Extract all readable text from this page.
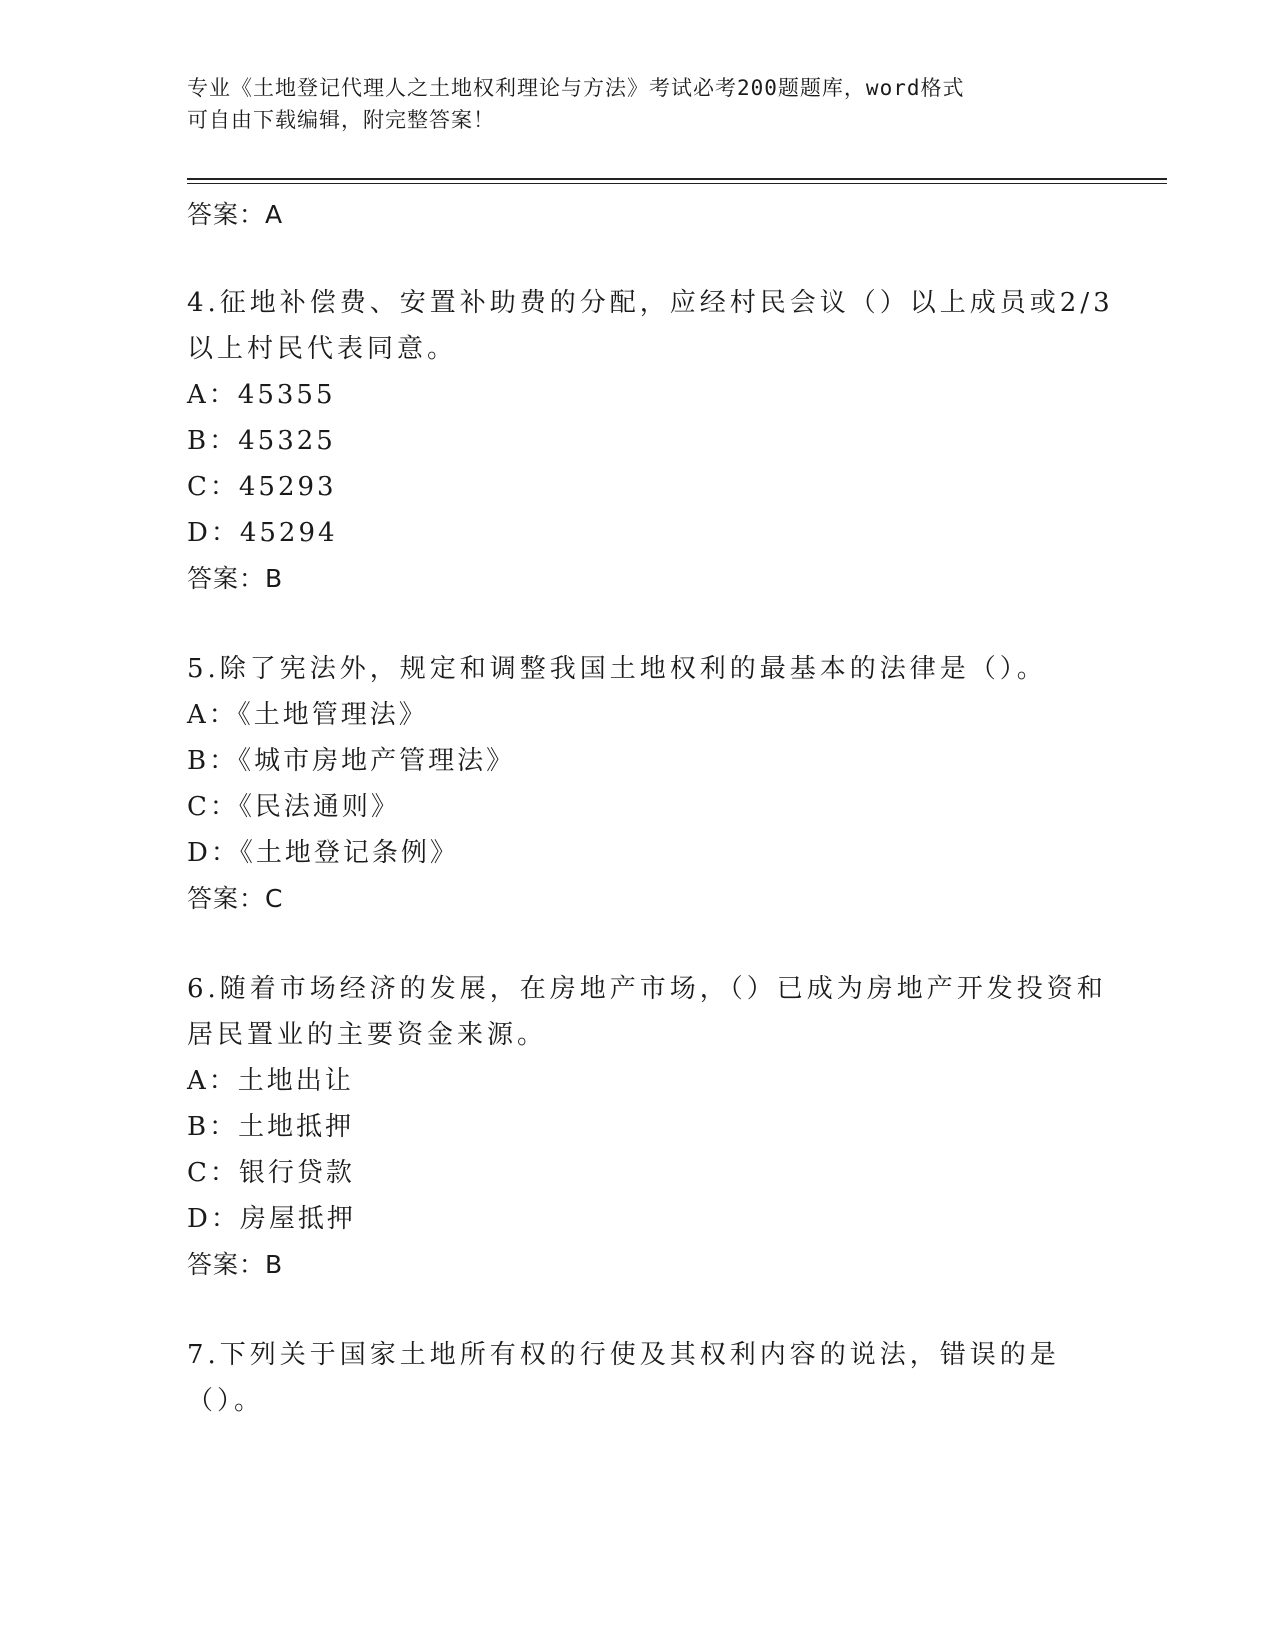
专业《土地登记代理人之土地权利理论与方法》考试必考200题题库，word格式
可自由下载编辑，附完整答案！
答案：A
4.征地补偿费、安置补助费的分配，应经村民会议（）以上成员或2/3以上村民代表同意。
A：45355
B：45325
C：45293
D：45294
答案：B
5.除了宪法外，规定和调整我国土地权利的最基本的法律是（）。
A：《土地管理法》
B：《城市房地产管理法》
C：《民法通则》
D：《土地登记条例》
答案：C
6.随着市场经济的发展，在房地产市场，（）已成为房地产开发投资和居民置业的主要资金来源。
A：土地出让
B：土地抵押
C：银行贷款
D：房屋抵押
答案：B
7.下列关于国家土地所有权的行使及其权利内容的说法，错误的是（）。
